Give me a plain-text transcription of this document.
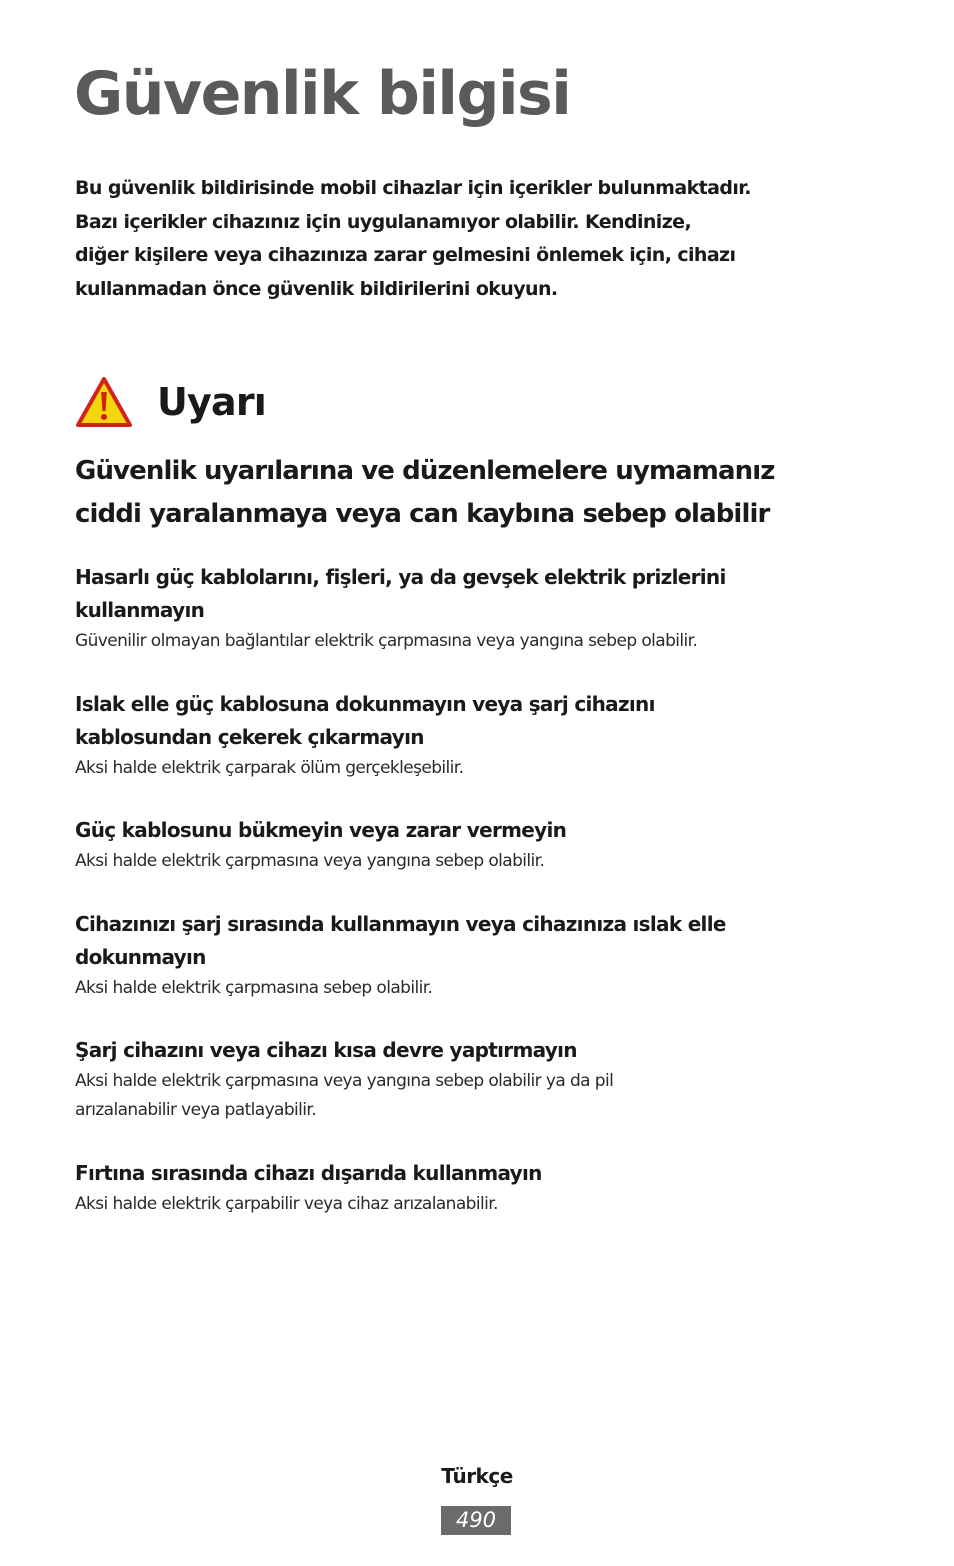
Güvenlik bilgisi

Bu güvenlik bildirisinde mobil cihazlar için içerikler bulunmaktadır.
Bazı içerikler cihazınız için uygulanamıyor olabilir. Kendinize,
diğer kişilere veya cihazınıza zarar gelmesini önlemek için, cihazı
kullanmadan önce güvenlik bildirilerini okuyun.

Uyarı
Güvenlik uyarılarına ve düzenlemelere uymamanız
ciddi yaralanmaya veya can kaybına sebep olabilir
Hasarlı güç kablolarını, fişleri, ya da gevşek elektrik prizlerini
kullanmayın

Güvenilir olmayan bağlantılar elektrik çarpmasına veya yangına sebep olabilir.

Islak elle güç kablosuna dokunmayın veya şarj cihazını
kablosundan çekerek çıkarmayın

Aksi halde elektrik çarparak ölüm gerçekleşebilir.

Güç kablosunu bükmeyin veya zarar vermeyin

Aksi halde elektrik çarpmasına veya yangına sebep olabilir.

Cihazınızı şarj sırasında kullanmayın veya cihazınıza ıslak elle
dokunmayın

Aksi halde elektrik çarpmasına sebep olabilir.

Şarj cihazını veya cihazı kısa devre yaptırmayın

Aksi halde elektrik çarpmasına veya yangına sebep olabilir ya da pil
arızalanabilir veya patlayabilir.

Fırtına sırasında cihazı dışarıda kullanmayın

Aksi halde elektrik çarpabilir veya cihaz arızalanabilir.

Türkçe
490
